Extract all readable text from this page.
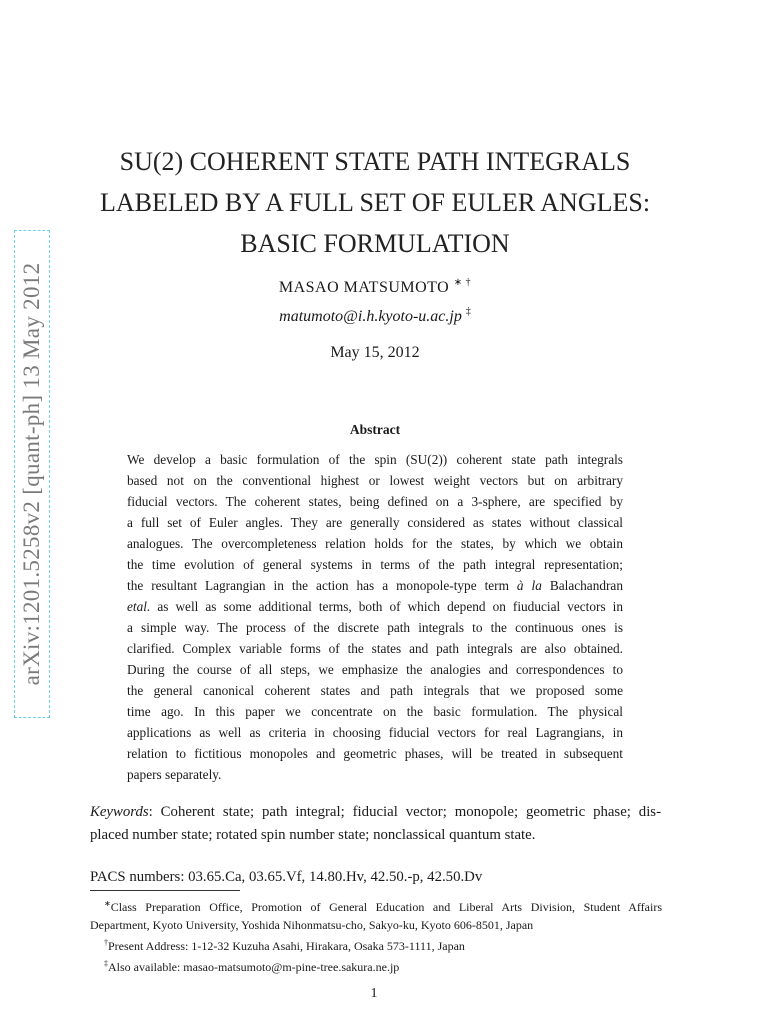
arXiv:1201.5258v2 [quant-ph] 13 May 2012
SU(2) COHERENT STATE PATH INTEGRALS
LABELED BY A FULL SET OF EULER ANGLES:
BASIC FORMULATION
MASAO MATSUMOTO ∗ †
matumoto@i.h.kyoto-u.ac.jp ‡
May 15, 2012
Abstract
We develop a basic formulation of the spin (SU(2)) coherent state path integrals
based not on the conventional highest or lowest weight vectors but on arbitrary
fiducial vectors. The coherent states, being defined on a 3-sphere, are specified by
a full set of Euler angles. They are generally considered as states without classical
analogues. The overcompleteness relation holds for the states, by which we obtain
the time evolution of general systems in terms of the path integral representation;
the resultant Lagrangian in the action has a monopole-type term à la Balachandran
etal. as well as some additional terms, both of which depend on fiuducial vectors in
a simple way. The process of the discrete path integrals to the continuous ones is
clarified. Complex variable forms of the states and path integrals are also obtained.
During the course of all steps, we emphasize the analogies and correspondences to
the general canonical coherent states and path integrals that we proposed some
time ago. In this paper we concentrate on the basic formulation. The physical
applications as well as criteria in choosing fiducial vectors for real Lagrangians, in
relation to fictitious monopoles and geometric phases, will be treated in subsequent
papers separately.
Keywords: Coherent state; path integral; fiducial vector; monopole; geometric phase; dis-
placed number state; rotated spin number state; nonclassical quantum state.
PACS numbers: 03.65.Ca, 03.65.Vf, 14.80.Hv, 42.50.-p, 42.50.Dv
∗Class Preparation Office, Promotion of General Education and Liberal Arts Division, Student Affairs
Department, Kyoto University, Yoshida Nihonmatsu-cho, Sakyo-ku, Kyoto 606-8501, Japan
†Present Address: 1-12-32 Kuzuha Asahi, Hirakara, Osaka 573-1111, Japan
‡Also available: masao-matsumoto@m-pine-tree.sakura.ne.jp
1
